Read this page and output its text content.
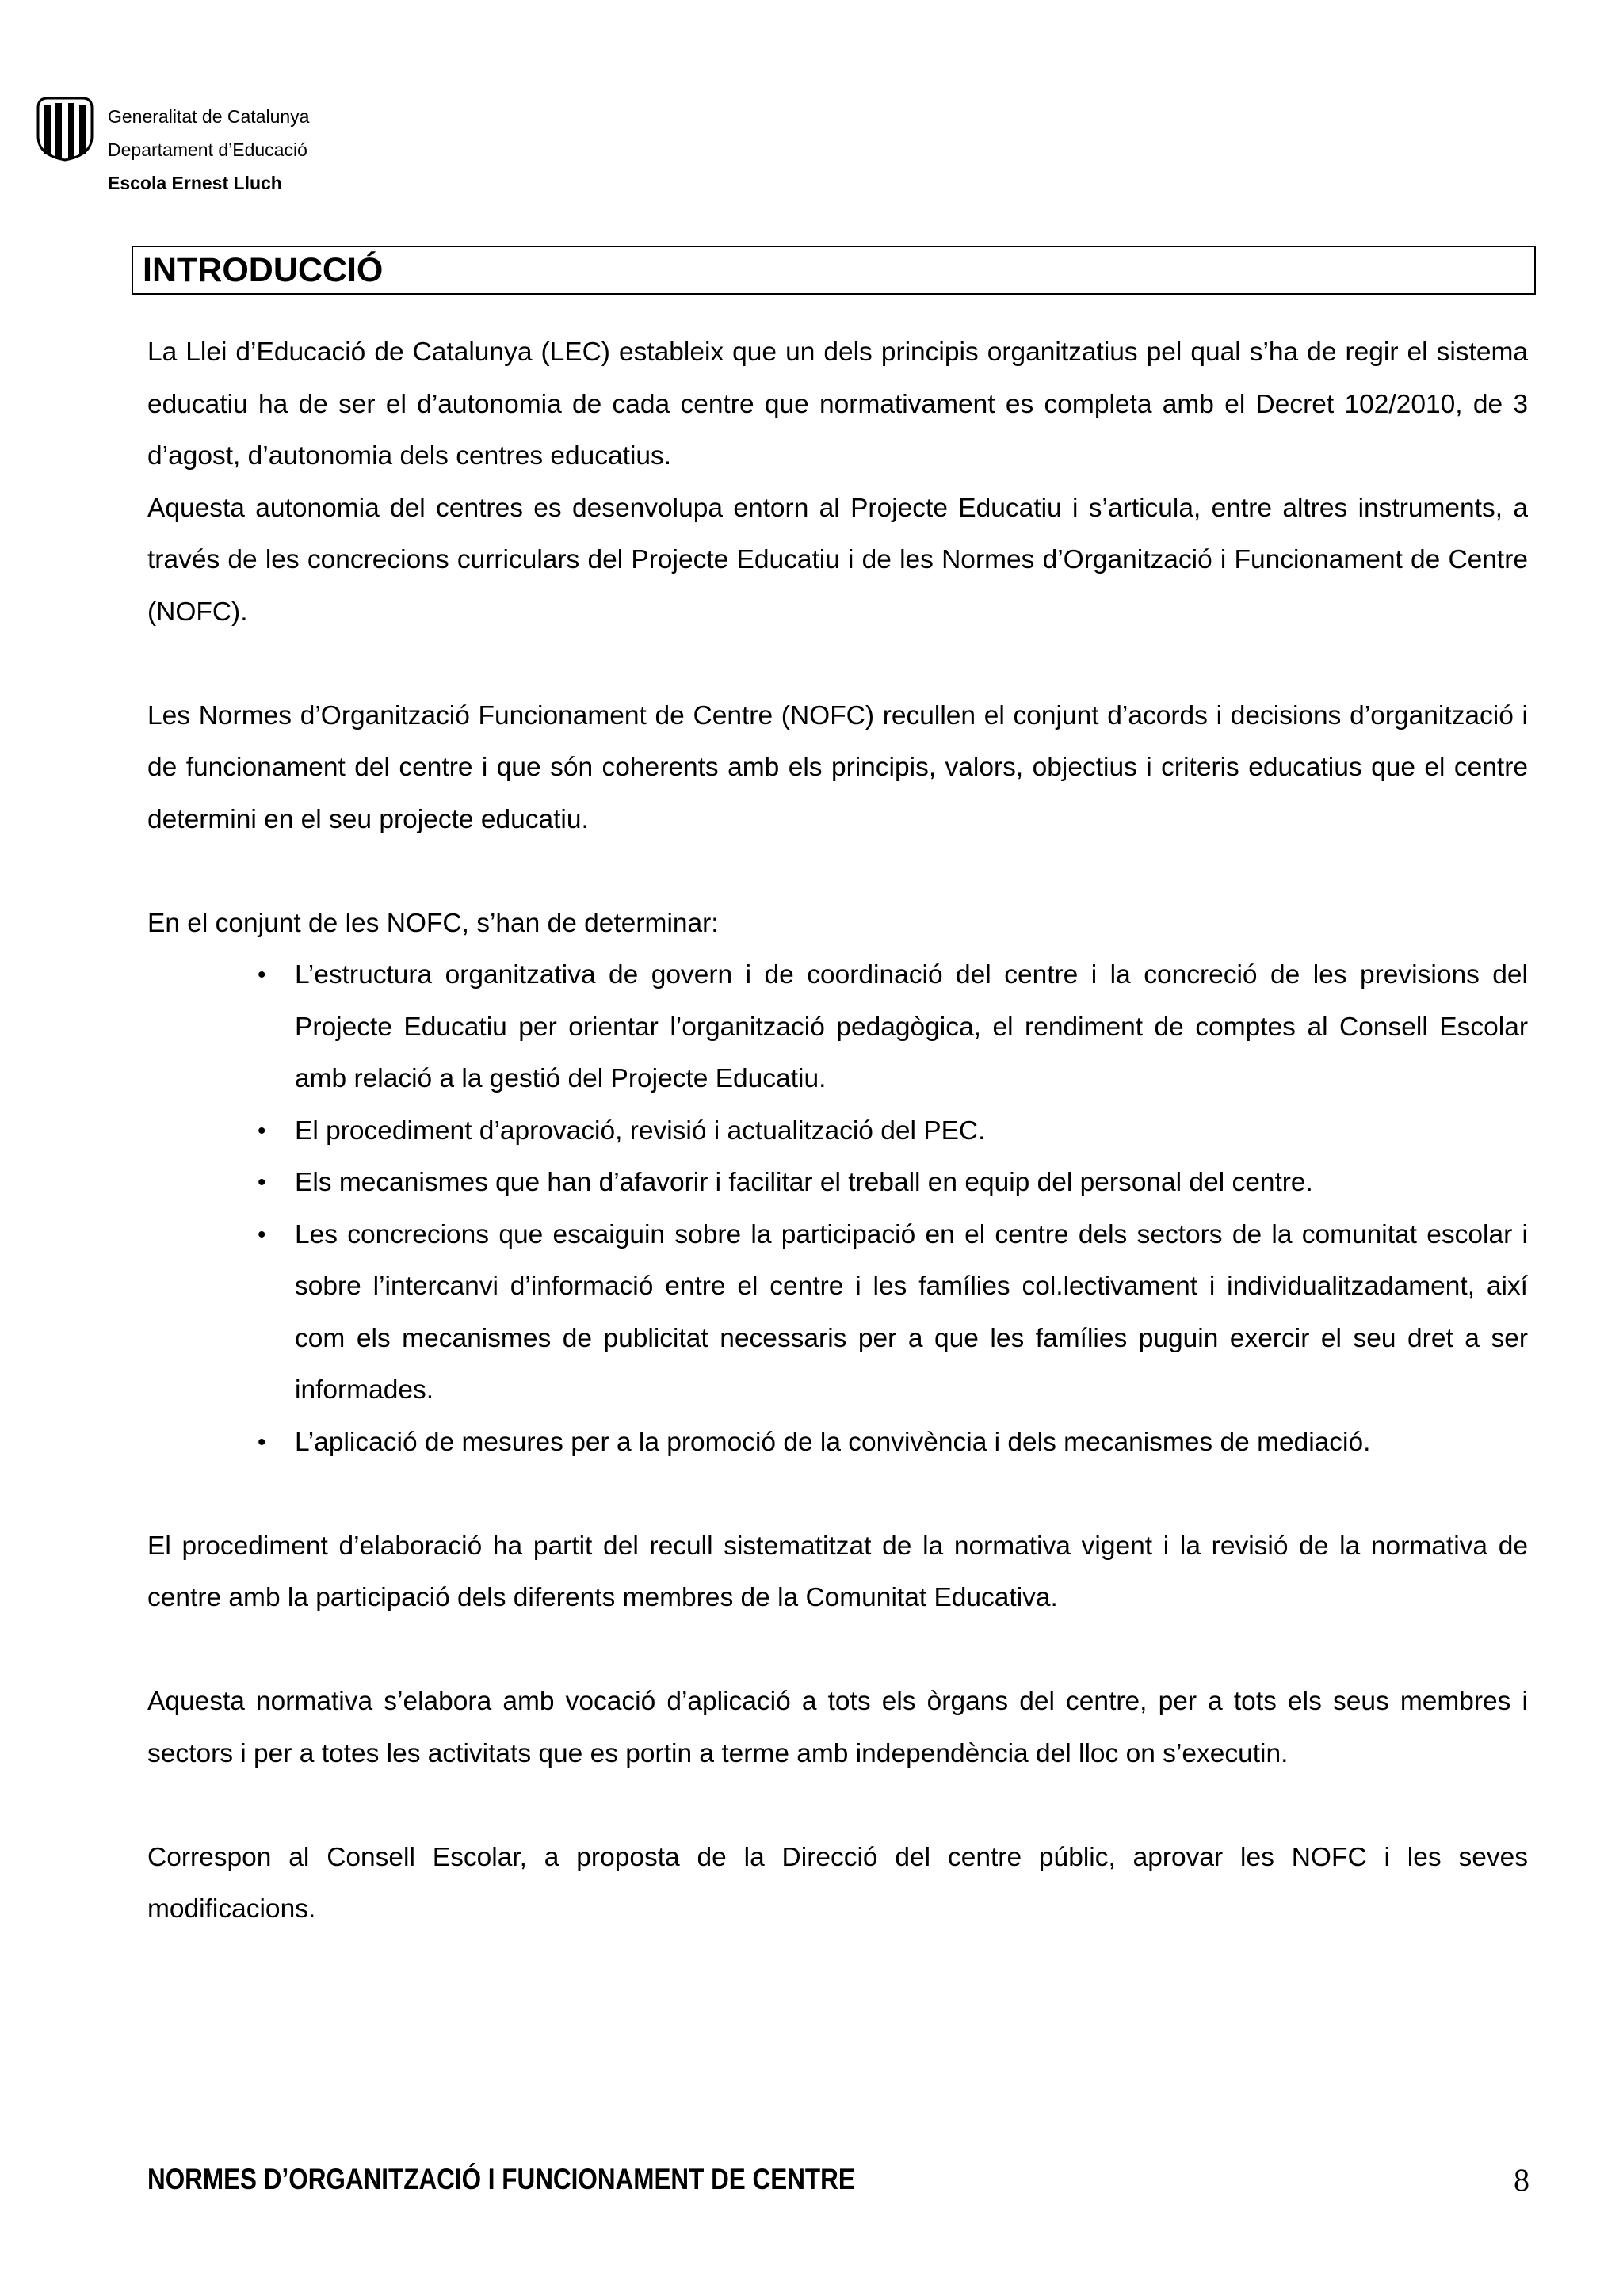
Generalitat de Catalunya
Departament d’Educació
Escola Ernest Lluch
INTRODUCCIÓ

La Llei d’Educació de Catalunya (LEC) estableix que un dels principis organitzatius pel qual s’ha de regir el sistema educatiu ha de ser el d’autonomia de cada centre que normativament es completa amb el Decret 102/2010, de 3 d’agost, d’autonomia dels centres educatius.

Aquesta autonomia del centres es desenvolupa entorn al Projecte Educatiu i s’articula, entre altres instruments, a través de les concrecions curriculars del Projecte Educatiu i de les Normes d’Organització i Funcionament de Centre (NOFC).

Les Normes d’Organització Funcionament de Centre (NOFC) recullen el conjunt d’acords i decisions d’organització i de funcionament del centre i que són coherents amb els principis, valors, objectius i criteris educatius que el centre determini en el seu projecte educatiu.

En el conjunt de les NOFC, s’han de determinar:

• L’estructura organitzativa de govern i de coordinació del centre i la concreció de les previsions del Projecte Educatiu per orientar l’organització pedagògica, el rendiment de comptes al Consell Escolar amb relació a la gestió del Projecte Educatiu.
• El procediment d’aprovació, revisió i actualització del PEC.
• Els mecanismes que han d’afavorir i facilitar el treball en equip del personal del centre.
• Les concrecions que escaiguin sobre la participació en el centre dels sectors de la comunitat escolar i sobre l’intercanvi d’informació entre el centre i les famílies col.lectivament i individualitzadament, així com els mecanismes de publicitat necessaris per a que les famílies puguin exercir el seu dret a ser informades.
• L’aplicació de mesures per a la promoció de la convivència i dels mecanismes de mediació.

El procediment d’elaboració ha partit del recull sistematitzat de la normativa vigent i la revisió de la normativa de centre amb la participació dels diferents membres de la Comunitat Educativa.

Aquesta normativa s’elabora amb vocació d’aplicació a tots els òrgans del centre, per a tots els seus membres i sectors i per a totes les activitats que es portin a terme amb independència del lloc on s’executin.

Correspon al Consell Escolar, a proposta de la Direcció del centre públic, aprovar les NOFC i les seves modificacions.

NORMES D’ORGANITZACIÓ I FUNCIONAMENT DE CENTRE	8
